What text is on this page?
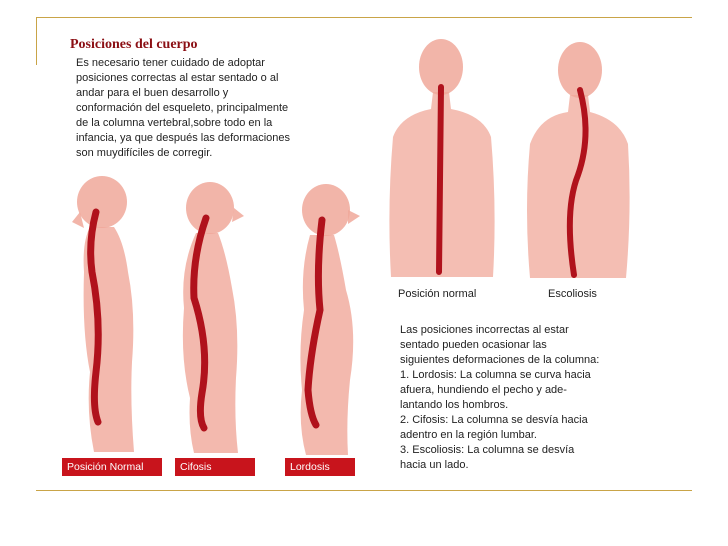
Posiciones del cuerpo
Es necesario tener cuidado de adoptar
posiciones correctas al estar sentado o al
andar para el buen desarrollo y
conformación del esqueleto, principalmente
de la columna vertebral,sobre todo en la
infancia, ya que después las deformaciones
son muydifíciles de corregir.
Posición Normal	Cifosis	Lordosis
Posición normal	Escoliosis
Las posiciones incorrectas al estar
sentado pueden ocasionar las
siguientes deformaciones de la columna:
1. Lordosis: La columna se curva hacia
afuera, hundiendo el pecho y ade-
lantando los hombros.
2. Cifosis: La columna se desvía hacia
adentro en la región lumbar.
3. Escoliosis: La columna se desvía
hacia un lado.
